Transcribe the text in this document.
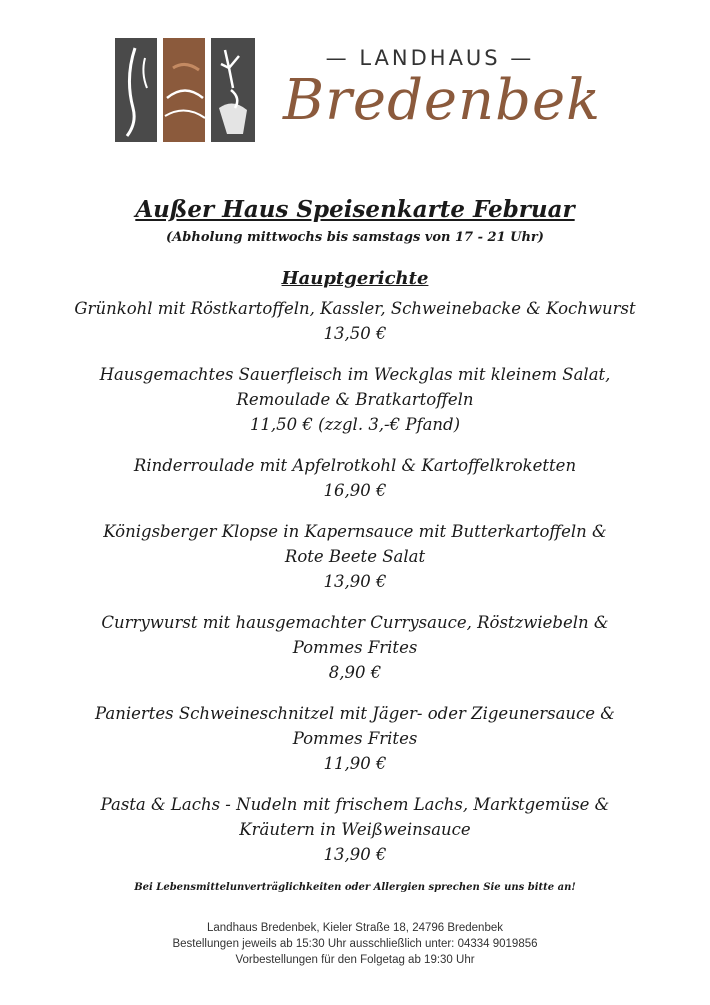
— LANDHAUS —
Bredenbek
Außer Haus Speisenkarte Februar
(Abholung mittwochs bis samstags von 17 - 21 Uhr)
Hauptgerichte
Grünkohl mit Röstkartoffeln, Kassler, Schweinebacke & Kochwurst
13,50 €
Hausgemachtes Sauerfleisch im Weckglas mit kleinem Salat,
Remoulade & Bratkartoffeln
11,50 € (zzgl. 3,-€ Pfand)
Rinderroulade mit Apfelrotkohl & Kartoffelkroketten
16,90 €
Königsberger Klopse in Kapernsauce mit Butterkartoffeln &
Rote Beete Salat
13,90 €
Currywurst mit hausgemachter Currysauce, Röstzwiebeln &
Pommes Frites
8,90 €
Paniertes Schweineschnitzel mit Jäger- oder Zigeunersauce &
Pommes Frites
11,90 €
Pasta & Lachs - Nudeln mit frischem Lachs, Marktgemüse &
Kräutern in Weißweinsauce
13,90 €
Bei Lebensmittelunverträglichkeiten oder Allergien sprechen Sie uns bitte an!
Landhaus Bredenbek, Kieler Straße 18, 24796 Bredenbek
Bestellungen jeweils ab 15:30 Uhr ausschließlich unter: 04334 9019856
Vorbestellungen für den Folgetag ab 19:30 Uhr
